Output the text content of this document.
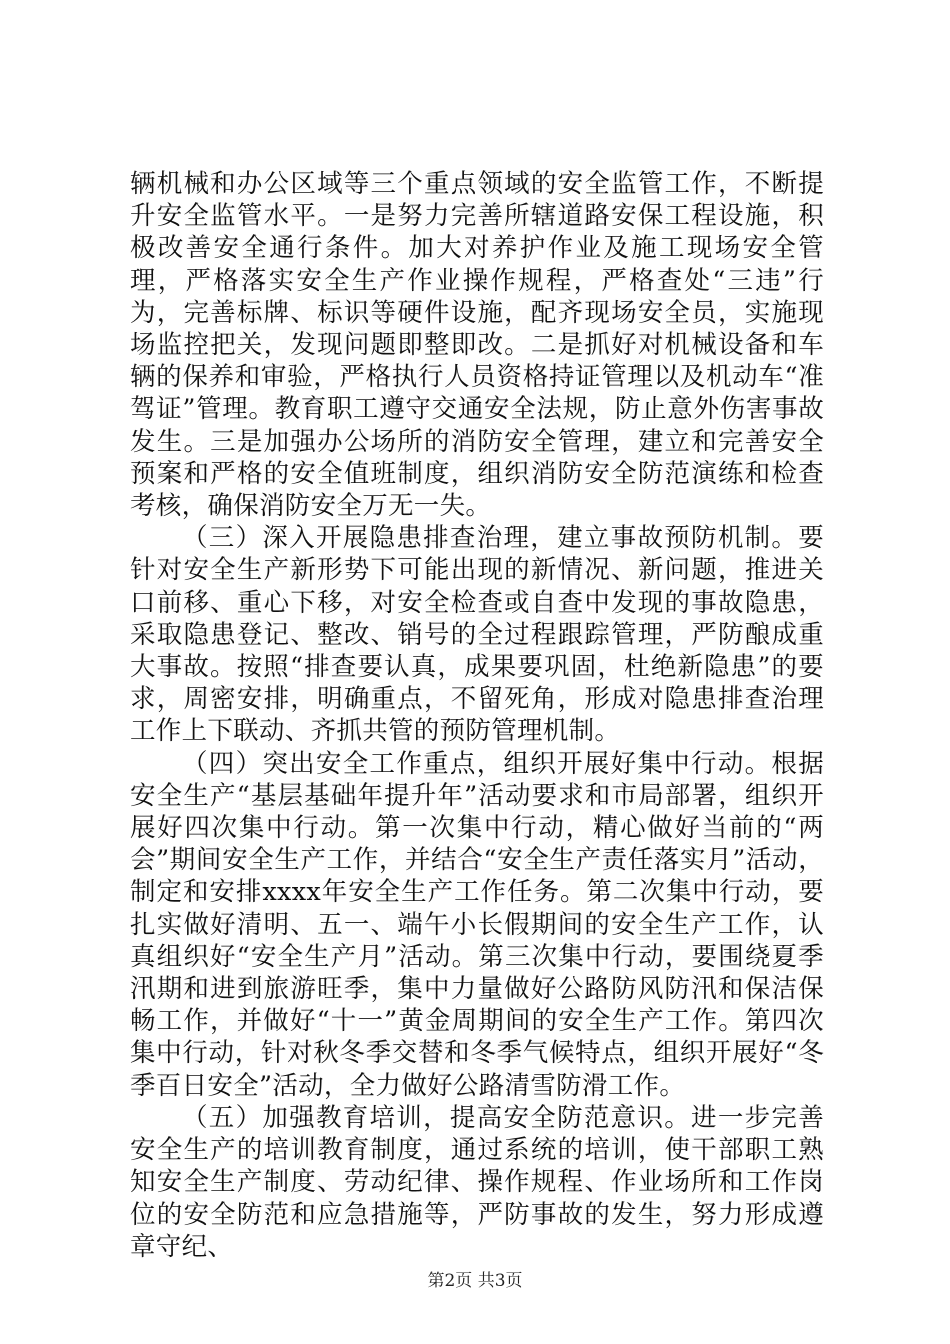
辆机械和办公区域等三个重点领域的安全监管工作，不断提升安全监管水平。一是努力完善所辖道路安保工程设施，积极改善安全通行条件。加大对养护作业及施工现场安全管理，严格落实安全生产作业操作规程，严格查处“三违”行为，完善标牌、标识等硬件设施，配齐现场安全员，实施现场监控把关，发现问题即整即改。二是抓好对机械设备和车辆的保养和审验，严格执行人员资格持证管理以及机动车“准驾证”管理。教育职工遵守交通安全法规，防止意外伤害事故发生。三是加强办公场所的消防安全管理，建立和完善安全预案和严格的安全值班制度，组织消防安全防范演练和检查考核，确保消防安全万无一失。

（三）深入开展隐患排查治理，建立事故预防机制。要针对安全生产新形势下可能出现的新情况、新问题，推进关口前移、重心下移，对安全检查或自查中发现的事故隐患，采取隐患登记、整改、销号的全过程跟踪管理，严防酿成重大事故。按照“排查要认真，成果要巩固，杜绝新隐患”的要求，周密安排，明确重点，不留死角，形成对隐患排查治理工作上下联动、齐抓共管的预防管理机制。

（四）突出安全工作重点，组织开展好集中行动。根据安全生产“基层基础年提升年”活动要求和市局部署，组织开展好四次集中行动。第一次集中行动，精心做好当前的“两会”期间安全生产工作，并结合“安全生产责任落实月”活动，制定和安排xxxx年安全生产工作任务。第二次集中行动，要扎实做好清明、五一、端午小长假期间的安全生产工作，认真组织好“安全生产月”活动。第三次集中行动，要围绕夏季汛期和进到旅游旺季，集中力量做好公路防风防汛和保洁保畅工作，并做好“十一”黄金周期间的安全生产工作。第四次集中行动，针对秋冬季交替和冬季气候特点，组织开展好“冬季百日安全”活动，全力做好公路清雪防滑工作。

（五）加强教育培训，提高安全防范意识。进一步完善安全生产的培训教育制度，通过系统的培训，使干部职工熟知安全生产制度、劳动纪律、操作规程、作业场所和工作岗位的安全防范和应急措施等，严防事故的发生，努力形成遵章守纪、

第2页 共3页
